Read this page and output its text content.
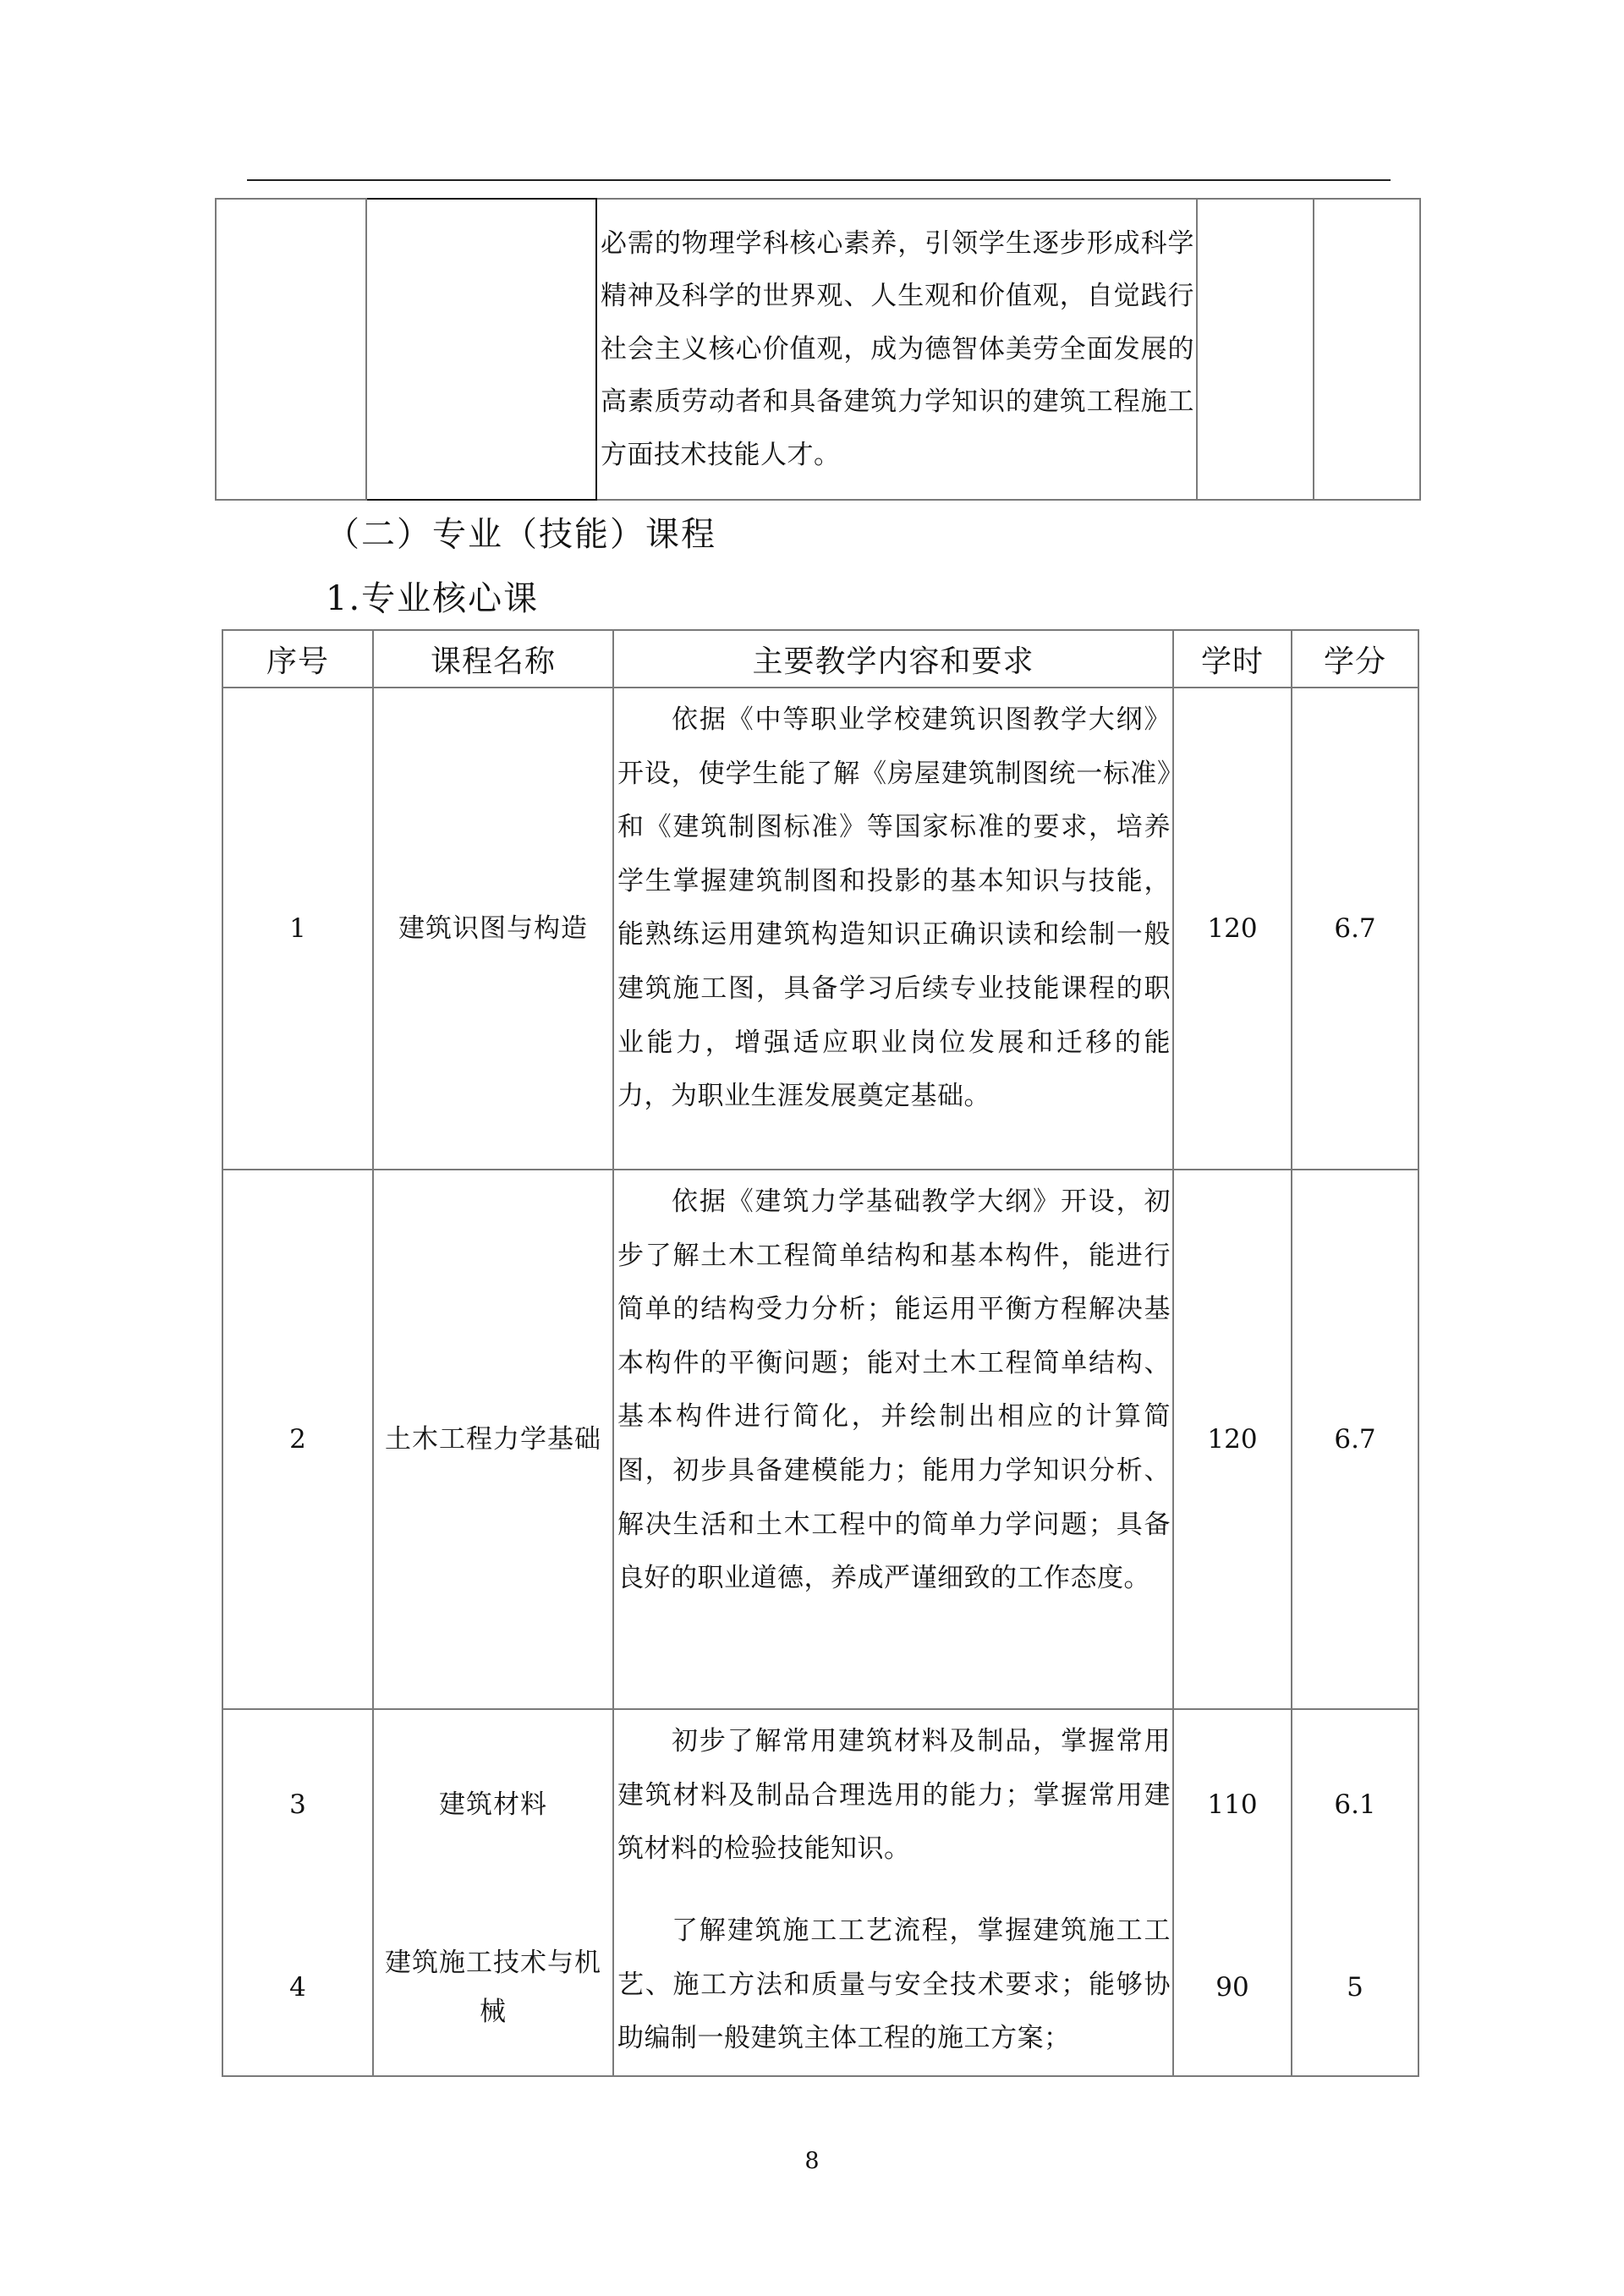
必需的物理学科核心素养，引领学生逐步形成科学精神及科学的世界观、人生观和价值观，自觉践行社会主义核心价值观，成为德智体美劳全面发展的高素质劳动者和具备建筑力学知识的建筑工程施工方面技术技能人才。

（二）专业（技能）课程

1.专业核心课

序号	课程名称	主要教学内容和要求	学时	学分
1	建筑识图与构造	依据《中等职业学校建筑识图教学大纲》开设，使学生能了解《房屋建筑制图统一标准》和《建筑制图标准》等国家标准的要求，培养学生掌握建筑制图和投影的基本知识与技能，能熟练运用建筑构造知识正确识读和绘制一般建筑施工图，具备学习后续专业技能课程的职业能力，增强适应职业岗位发展和迁移的能力，为职业生涯发展奠定基础。	120	6.7
2	土木工程力学基础	依据《建筑力学基础教学大纲》开设，初步了解土木工程简单结构和基本构件，能进行简单的结构受力分析；能运用平衡方程解决基本构件的平衡问题；能对土木工程简单结构、基本构件进行简化，并绘制出相应的计算简图，初步具备建模能力；能用力学知识分析、解决生活和土木工程中的简单力学问题；具备良好的职业道德，养成严谨细致的工作态度。	120	6.7
3	建筑材料	初步了解常用建筑材料及制品，掌握常用建筑材料及制品合理选用的能力；掌握常用建筑材料的检验技能知识。	110	6.1
4	建筑施工技术与机械	了解建筑施工工艺流程，掌握建筑施工工艺、施工方法和质量与安全技术要求；能够协助编制一般建筑主体工程的施工方案；	90	5

8
